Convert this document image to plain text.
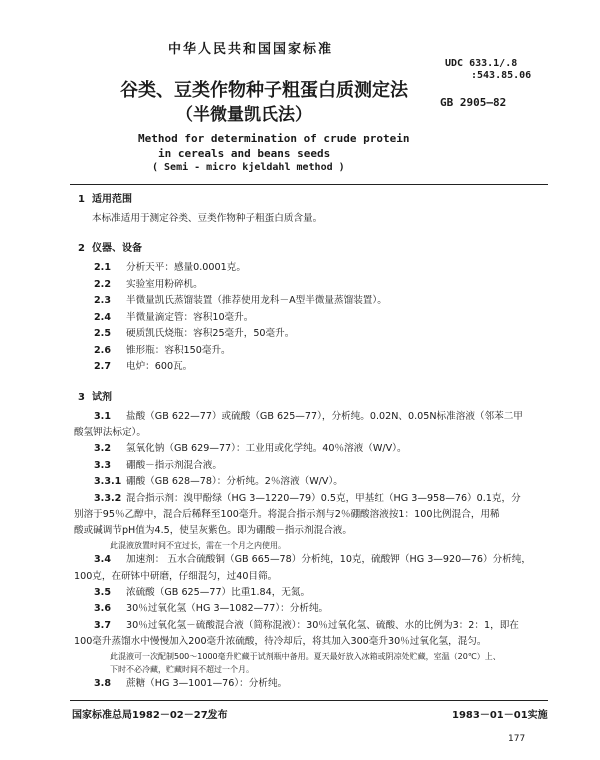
中华人民共和国国家标准
UDC 633.1/.8
:543.85.06
GB 2905—82
谷类、豆类作物种子粗蛋白质测定法
（半微量凯氏法）
Method for determination of crude protein
in cereals and beans seeds
( Semi - micro kjeldahl method )
1 适用范围
本标准适用于测定谷类、豆类作物种子粗蛋白质含量。
2 仪器、设备
2.1 分析天平：感量0.0001克。
2.2 实验室用粉碎机。
2.3 半微量凯氏蒸馏装置（推荐使用龙科－A型半微量蒸馏装置）。
2.4 半微量滴定管：容积10毫升。
2.5 硬质凯氏烧瓶：容积25毫升，50毫升。
2.6 锥形瓶：容积150毫升。
2.7 电炉：600瓦。
3 试剂
3.1 盐酸（GB 622—77）或硫酸（GB 625—77），分析纯。0.02N、0.05N标准溶液（邻苯二甲
酸氢钾法标定）。
3.2 氢氧化钠（GB 629—77）：工业用或化学纯。40％溶液（W/V）。
3.3 硼酸－指示剂混合液。
3.3.1 硼酸（GB 628—78）：分析纯。2％溶液（W/V）。
3.3.2 混合指示剂：溴甲酚绿（HG 3—1220—79）0.5克，甲基红（HG 3—958—76）0.1克，分
别溶于95％乙醇中，混合后稀释至100毫升。将混合指示剂与2％硼酸溶液按1：100比例混合，用稀
酸或碱调节pH值为4.5，使呈灰紫色。即为硼酸－指示剂混合液。
此混液放置时间不宜过长，需在一个月之内使用。
3.4 加速剂： 五水合硫酸铜（GB 665—78）分析纯，10克，硫酸钾（HG 3—920—76）分析纯，
100克，在研钵中研磨，仔细混匀，过40目筛。
3.5 浓硫酸（GB 625—77）比重1.84，无氮。
3.6 30％过氧化氢（HG 3—1082—77）：分析纯。
3.7 30％过氧化氢－硫酸混合液（简称混液）：30％过氧化氢、硫酸、水的比例为3：2：1，即在
100毫升蒸馏水中慢慢加入200毫升浓硫酸，待冷却后，将其加入300毫升30％过氧化氢，混匀。
此混液可一次配制500～1000毫升贮藏于试剂瓶中备用。夏天最好放入冰箱或阴凉处贮藏，室温（20℃）上、
下时不必冷藏，贮藏时间不超过一个月。
3.8 蔗糖（HG 3—1001—76）：分析纯。
国家标准总局1982－02－27发布	1983－01－01实施
177
